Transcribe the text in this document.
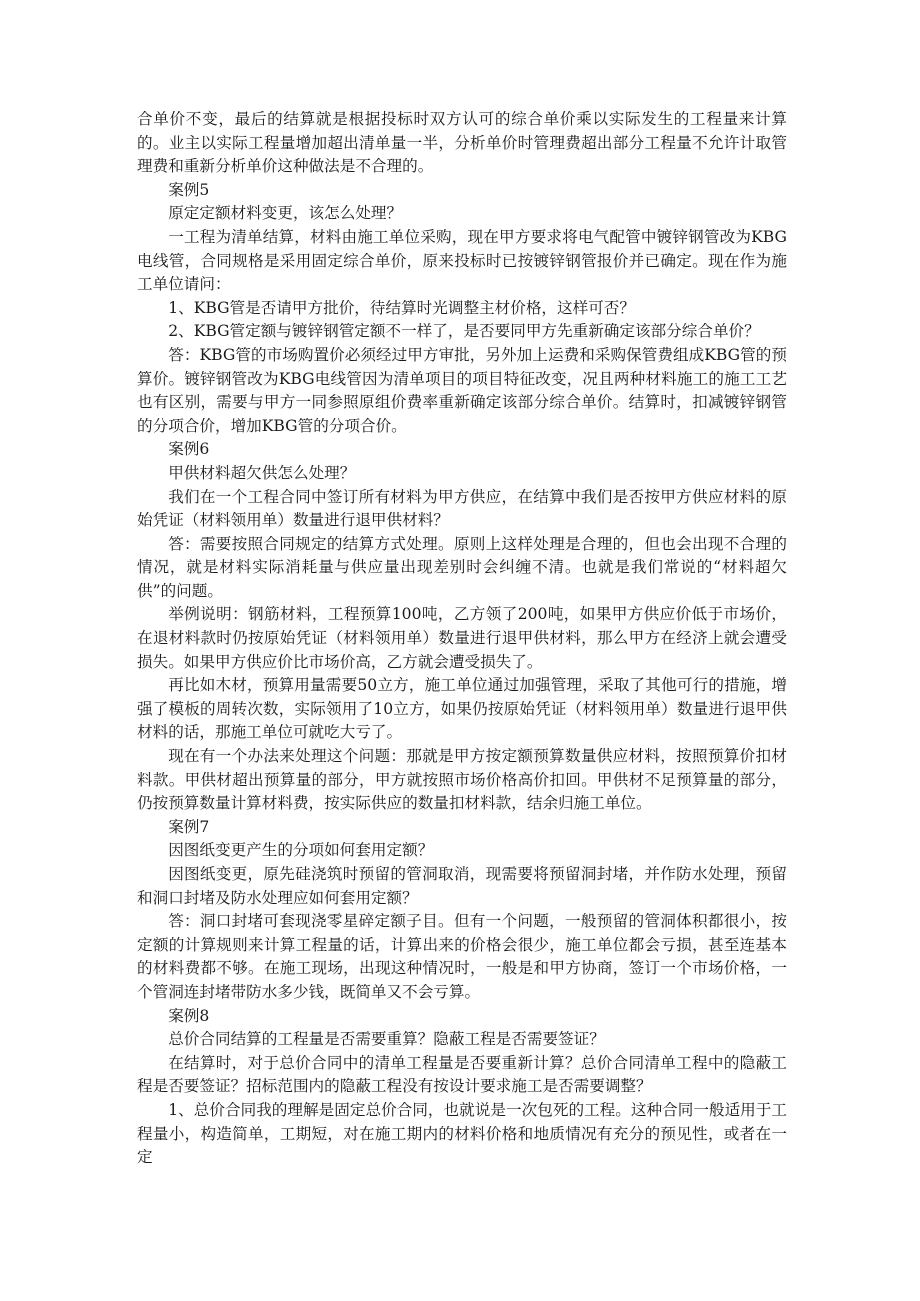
合单价不变，最后的结算就是根据投标时双方认可的综合单价乘以实际发生的工程量来计算的。业主以实际工程量增加超出清单量一半，分析单价时管理费超出部分工程量不允许计取管理费和重新分析单价这种做法是不合理的。

案例5

原定定额材料变更，该怎么处理？

一工程为清单结算，材料由施工单位采购，现在甲方要求将电气配管中镀锌钢管改为KBG电线管，合同规格是采用固定综合单价，原来投标时已按镀锌钢管报价并已确定。现在作为施工单位请问：

1、KBG管是否请甲方批价，待结算时光调整主材价格，这样可否？

2、KBG管定额与镀锌钢管定额不一样了，是否要同甲方先重新确定该部分综合单价？

答：KBG管的市场购置价必须经过甲方审批，另外加上运费和采购保管费组成KBG管的预算价。镀锌钢管改为KBG电线管因为清单项目的项目特征改变，况且两种材料施工的施工工艺也有区别，需要与甲方一同参照原组价费率重新确定该部分综合单价。结算时，扣减镀锌钢管的分项合价，增加KBG管的分项合价。

案例6

甲供材料超欠供怎么处理？

我们在一个工程合同中签订所有材料为甲方供应，在结算中我们是否按甲方供应材料的原始凭证（材料领用单）数量进行退甲供材料？

答：需要按照合同规定的结算方式处理。原则上这样处理是合理的，但也会出现不合理的情况，就是材料实际消耗量与供应量出现差别时会纠缠不清。也就是我们常说的“材料超欠供”的问题。

举例说明：钢筋材料，工程预算100吨，乙方领了200吨，如果甲方供应价低于市场价，在退材料款时仍按原始凭证（材料领用单）数量进行退甲供材料，那么甲方在经济上就会遭受损失。如果甲方供应价比市场价高，乙方就会遭受损失了。

再比如木材，预算用量需要50立方，施工单位通过加强管理，采取了其他可行的措施，增强了模板的周转次数，实际领用了10立方，如果仍按原始凭证（材料领用单）数量进行退甲供材料的话，那施工单位可就吃大亏了。

现在有一个办法来处理这个问题：那就是甲方按定额预算数量供应材料，按照预算价扣材料款。甲供材超出预算量的部分，甲方就按照市场价格高价扣回。甲供材不足预算量的部分，仍按预算数量计算材料费，按实际供应的数量扣材料款，结余归施工单位。

案例7

因图纸变更产生的分项如何套用定额？

因图纸变更，原先硅浇筑时预留的管洞取消，现需要将预留洞封堵，并作防水处理，预留和洞口封堵及防水处理应如何套用定额？

答：洞口封堵可套现浇零星碎定额子目。但有一个问题，一般预留的管洞体积都很小，按定额的计算规则来计算工程量的话，计算出来的价格会很少，施工单位都会亏损，甚至连基本的材料费都不够。在施工现场，出现这种情况时，一般是和甲方协商，签订一个市场价格，一个管洞连封堵带防水多少钱，既简单又不会亏算。

案例8

总价合同结算的工程量是否需要重算？隐蔽工程是否需要签证？

在结算时，对于总价合同中的清单工程量是否要重新计算？总价合同清单工程中的隐蔽工程是否要签证？招标范围内的隐蔽工程没有按设计要求施工是否需要调整？

1、总价合同我的理解是固定总价合同，也就说是一次包死的工程。这种合同一般适用于工程量小，构造简单，工期短，对在施工期内的材料价格和地质情况有充分的预见性，或者在一定
